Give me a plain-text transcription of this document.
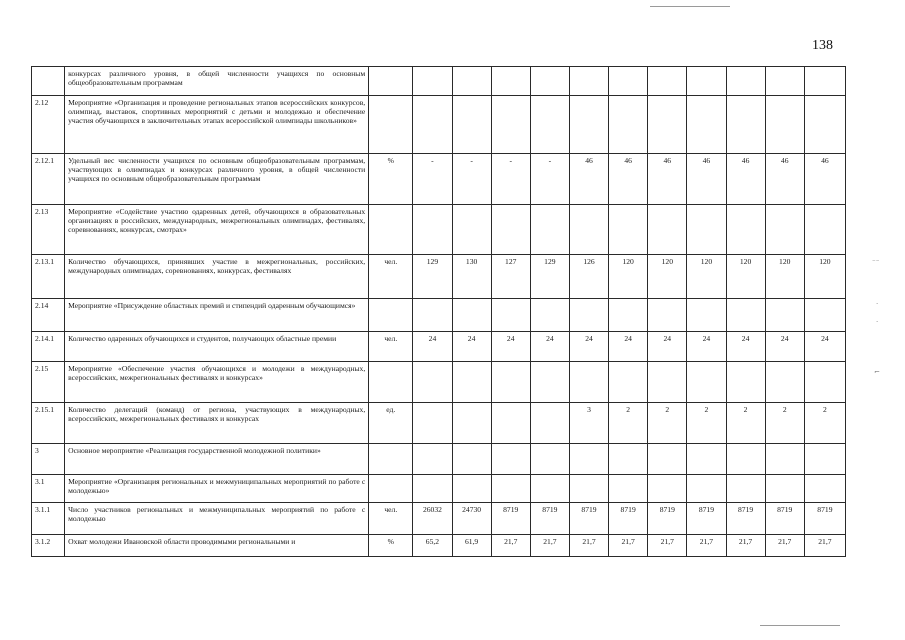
138
	конкурсах различного уровня, в общей численности учащихся по основным общеобразовательным программам												
2.12	Мероприятие «Организация и проведение региональных этапов всероссийских конкурсов, олимпиад, выставок, спортивных мероприятий с детьми и молодежью и обеспечение участия обучающихся в заключительных этапах всероссийской олимпиады школьников»												
2.12.1	Удельный вес численности учащихся по основным общеобразовательным программам, участвующих в олимпиадах и конкурсах различного уровня, в общей численности учащихся по основным общеобразовательным программам	%	-	-	-	-	46	46	46	46	46	46	46
2.13	Мероприятие «Содействие участию одаренных детей, обучающихся в образовательных организациях в российских, международных, межрегиональных олимпиадах, фестивалях, соревнованиях, конкурсах, смотрах»												
2.13.1	Количество обучающихся, принявших участие в межрегиональных, российских, международных олимпиадах, соревнованиях, конкурсах, фестивалях	чел.	129	130	127	129	126	120	120	120	120	120	120
2.14	Мероприятие «Присуждение областных премий и стипендий одаренным обучающимся»												
2.14.1	Количество одаренных обучающихся и студентов, получающих областные премии	чел.	24	24	24	24	24	24	24	24	24	24	24
2.15	Мероприятие «Обеспечение участия обучающихся и молодежи в международных, всероссийских, межрегиональных фестивалях и конкурсах»												
2.15.1	Количество делегаций (команд) от региона, участвующих в международных, всероссийских, межрегиональных фестивалях и конкурсах	ед.					3	2	2	2	2	2	2
3	Основное мероприятие «Реализация государственной молодежной политики»												
3.1	Мероприятие «Организация региональных и межмуниципальных мероприятий по работе с молодежью»												
3.1.1	Число участников региональных и межмуниципальных мероприятий по работе с молодежью	чел.	26032	24730	8719	8719	8719	8719	8719	8719	8719	8719	8719
3.1.2	Охват молодежи Ивановской области проводимыми региональными и	%	65,2	61,9	21,7	21,7	21,7	21,7	21,7	21,7	21,7	21,7	21,7
⁻⁻
·
·
⌐
